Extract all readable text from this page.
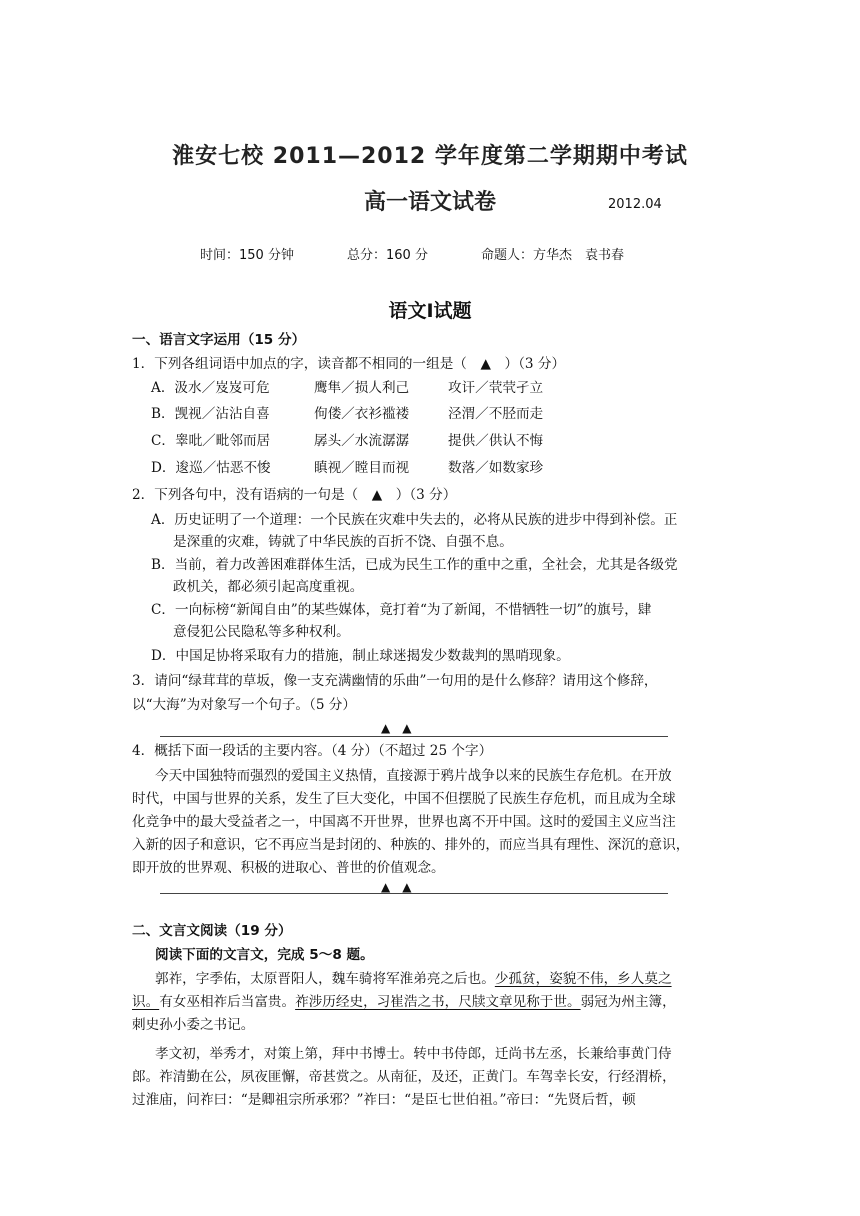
淮安七校 2011—2012 学年度第二学期期中考试
高一语文试卷	2012.04
时间：150 分钟	总分：160 分	命题人：方华杰　袁书春
语文Ⅰ试题
一、语言文字运用（15 分）
1．下列各组词语中加点的字，读音都不相同的一组是（　▲　）（3 分）
A．汲水／岌岌可危	鹰隼／损人利己	攻讦／茕茕孑立
B．觊视／沾沾自喜	佝偻／衣衫褴褛	泾渭／不胫而走
C．睾吡／毗邻而居	孱头／水流潺潺	提供／供认不悔
D．逡巡／怙恶不悛	瞋视／瞠目而视	数落／如数家珍
2．下列各句中，没有语病的一句是（　▲　）（3 分）
A．历史证明了一个道理：一个民族在灾难中失去的，必将从民族的进步中得到补偿。正
是深重的灾难，铸就了中华民族的百折不饶、自强不息。
B．当前，着力改善困难群体生活，已成为民生工作的重中之重，全社会，尤其是各级党
政机关，都必须引起高度重视。
C．一向标榜“新闻自由”的某些媒体，竟打着“为了新闻，不惜牺牲一切”的旗号，肆
意侵犯公民隐私等多种权利。
D．中国足协将采取有力的措施，制止球迷揭发少数裁判的黑哨现象。
3．请问“绿茸茸的草坂，像一支充满幽情的乐曲”一句用的是什么修辞？请用这个修辞，
以“大海”为对象写一个句子。（5 分）
▲　▲
4．概括下面一段话的主要内容。（4 分）（不超过 25 个字）
今天中国独特而强烈的爱国主义热情，直接源于鸦片战争以来的民族生存危机。在开放
时代，中国与世界的关系，发生了巨大变化，中国不但摆脱了民族生存危机，而且成为全球
化竞争中的最大受益者之一，中国离不开世界，世界也离不开中国。这时的爱国主义应当注
入新的因子和意识，它不再应当是封闭的、种族的、排外的，而应当具有理性、深沉的意识，
即开放的世界观、积极的进取心、普世的价值观念。
▲　▲
二、文言文阅读（19 分）
阅读下面的文言文，完成 5～8 题。
郭祚，字季佑，太原晋阳人，魏车骑将军淮弟亮之后也。少孤贫，姿貌不伟，乡人莫之
识。有女巫相祚后当富贵。祚涉历经史，习崔浩之书，尺牍文章见称于世。弱冠为州主簿，
刺史孙小委之书记。
孝文初，举秀才，对策上第，拜中书博士。转中书侍郎，迁尚书左丞，长兼给事黄门侍
郎。祚清勤在公，夙夜匪懈，帝甚赏之。从南征，及还，正黄门。车驾幸长安，行经渭桥，
过淮庙，问祚曰：“是卿祖宗所承邪？”祚曰：“是臣七世伯祖。”帝曰：“先贤后哲，顿
